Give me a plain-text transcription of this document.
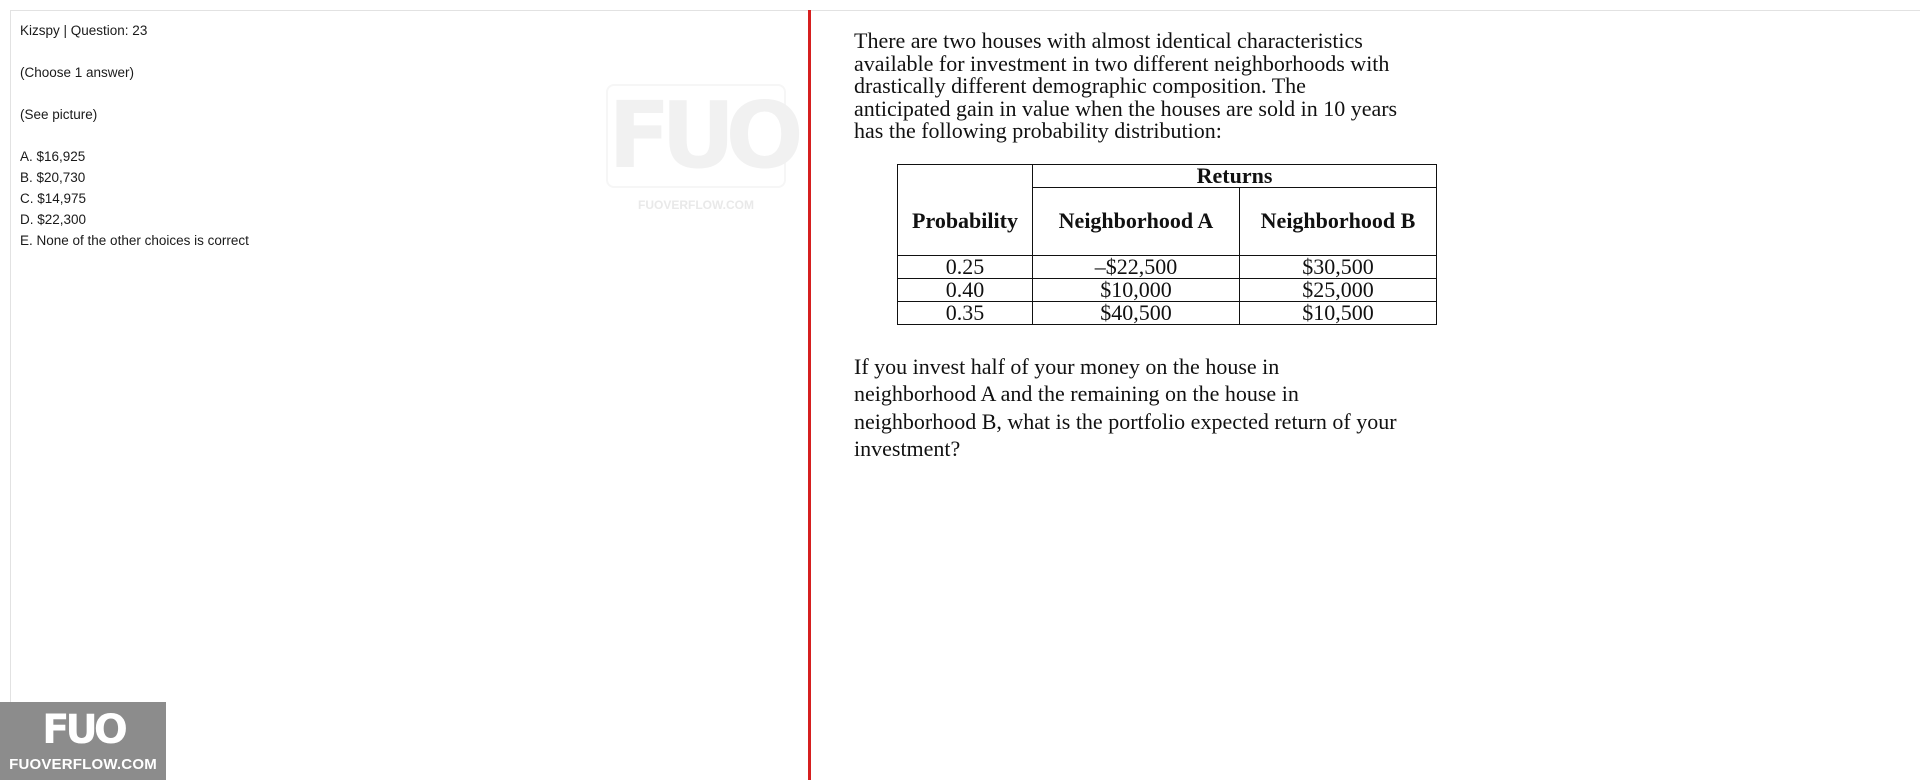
Kizspy | Question: 23

(Choose 1 answer)

(See picture)

A. $16,925
B. $20,730
C. $14,975
D. $22,300
E. None of the other choices is correct
FUO
FUOVERFLOW.COM

There are two houses with almost identical characteristics
available for investment in two different neighborhoods with
drastically different demographic composition. The
anticipated gain in value when the houses are sold in 10 years
has the following probability distribution:

	Returns	
Probability	Neighborhood A	Neighborhood B
0.25	–$22,500	$30,500
0.40	$10,000	$25,000
0.35	$40,500	$10,500

If you invest half of your money on the house in
neighborhood A and the remaining on the house in
neighborhood B, what is the portfolio expected return of your
investment?

FUO
FUOVERFLOW.COM
